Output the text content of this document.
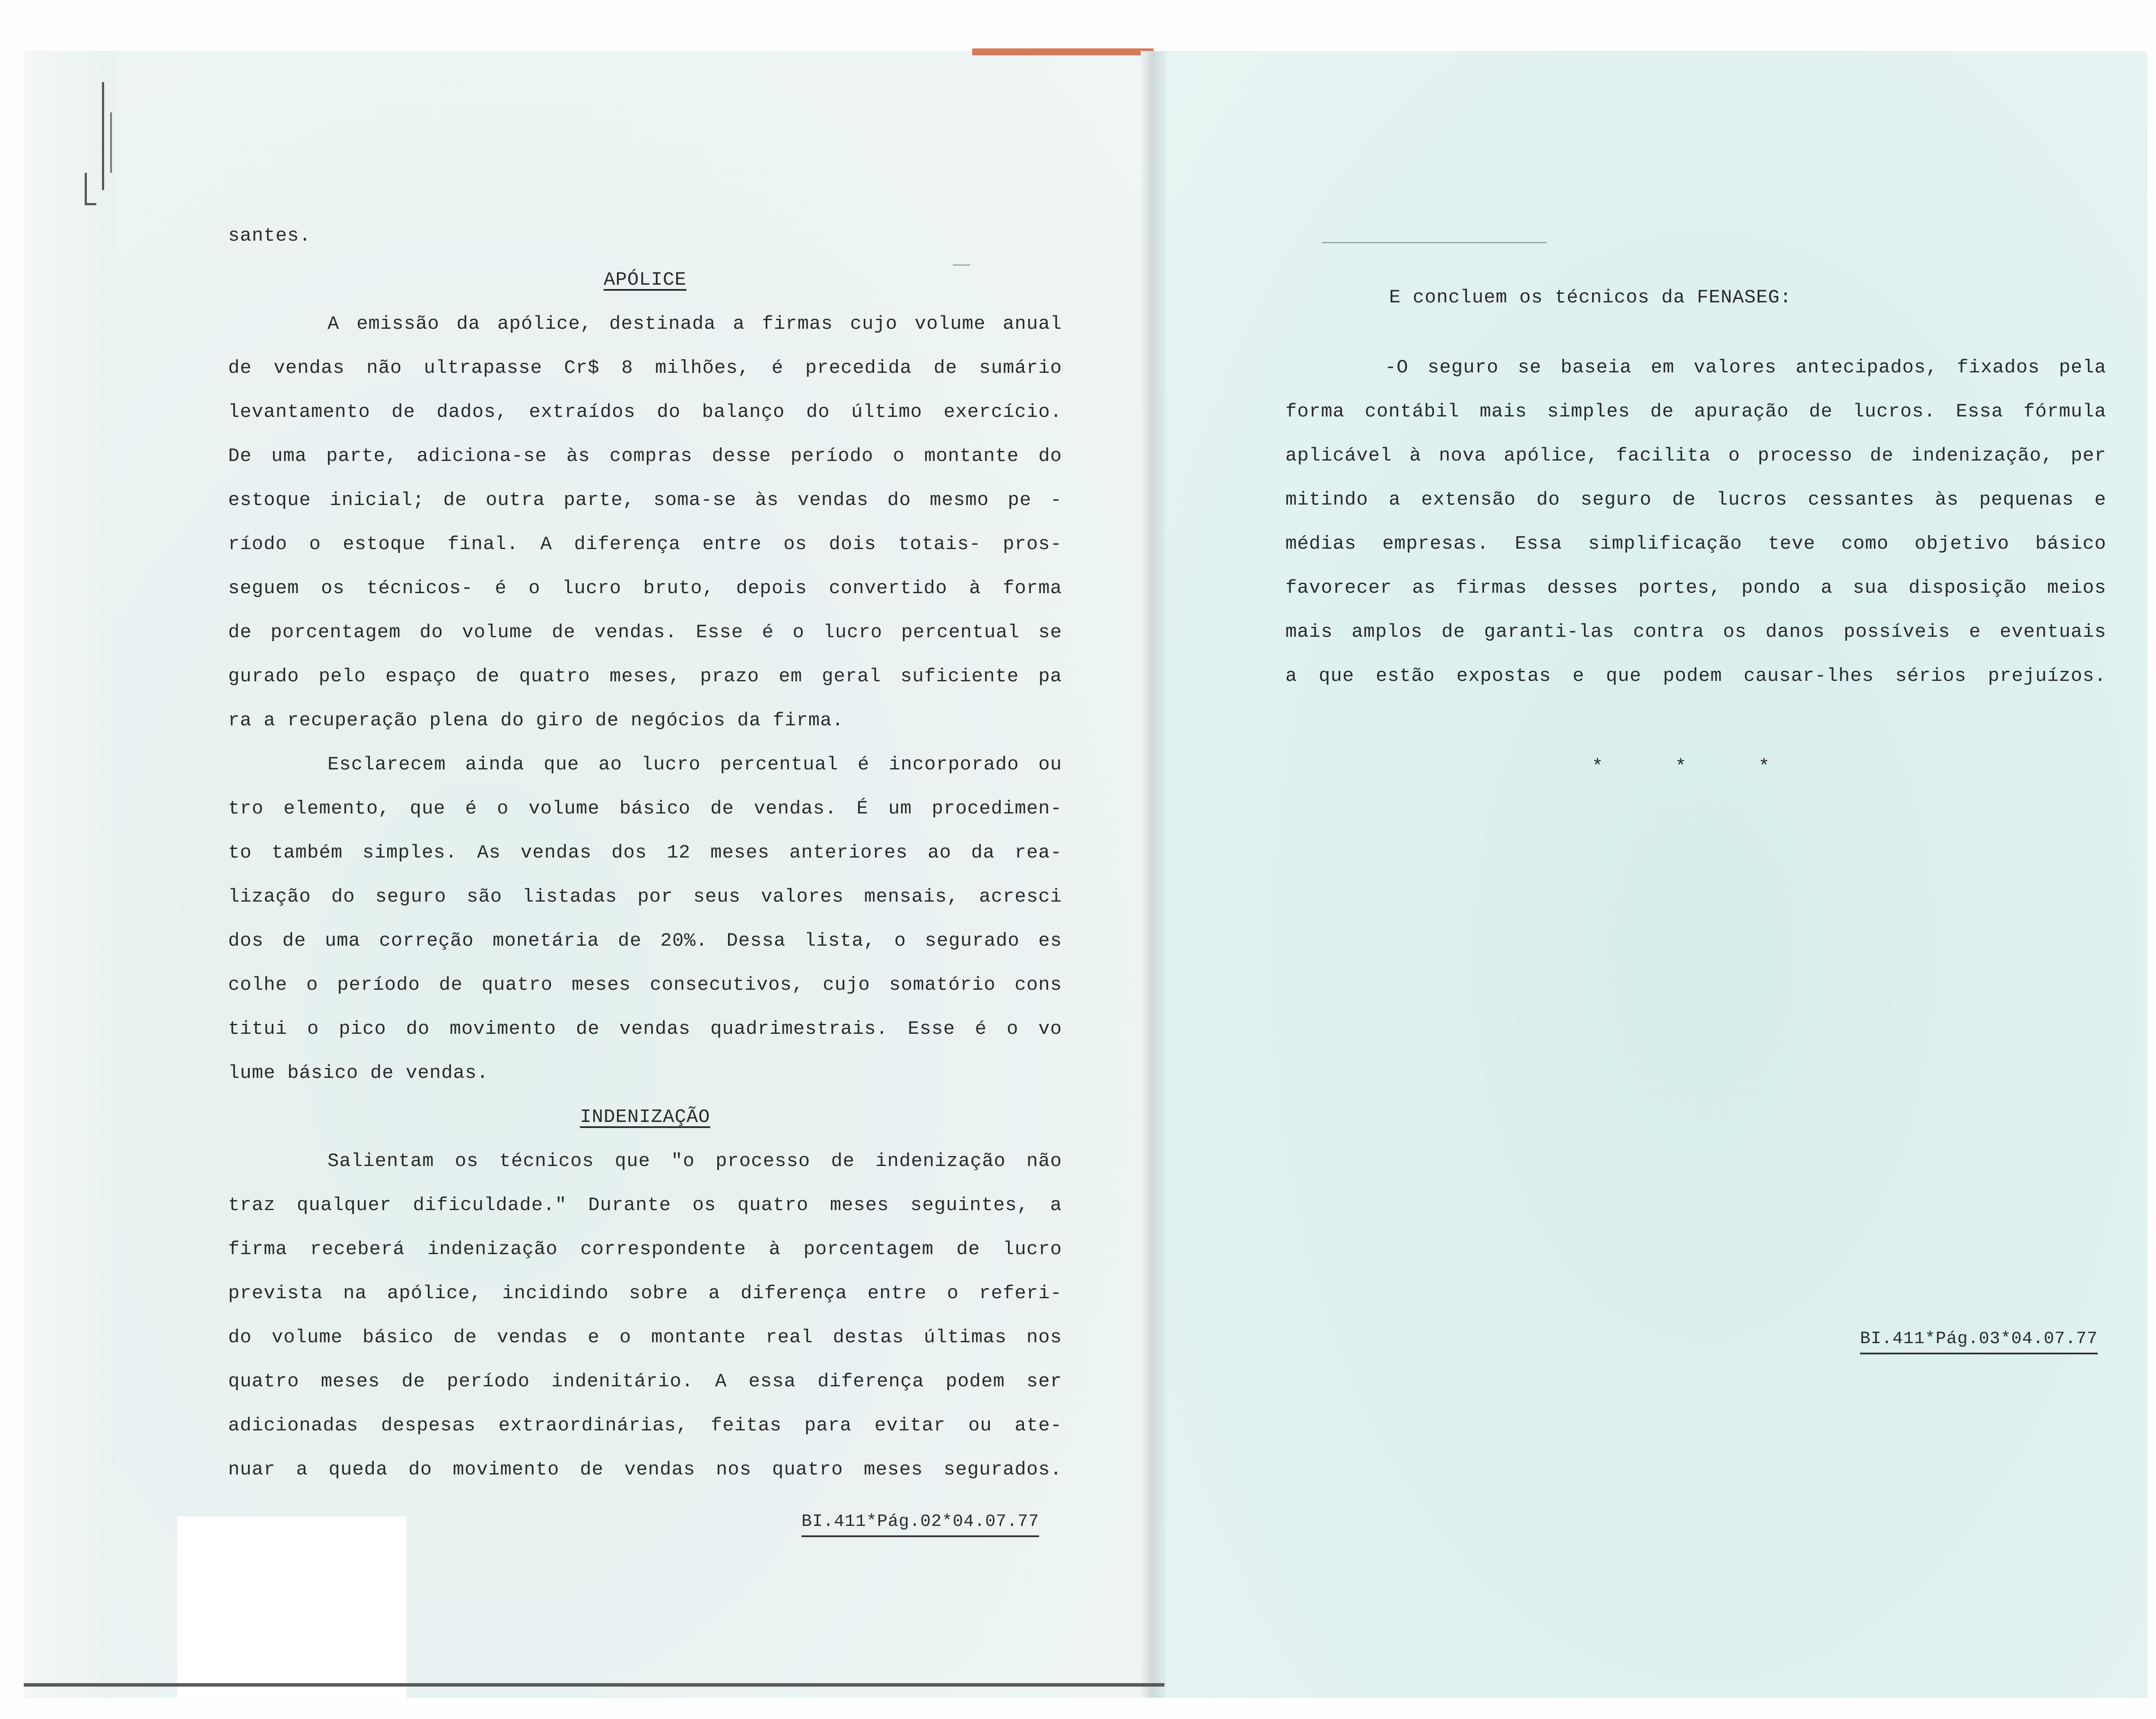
santes.
APÓLICE
A emissão da apólice, destinada a firmas cujo volume anual
de vendas não ultrapasse Cr$ 8 milhões, é precedida de sumário
levantamento de dados, extraídos do balanço do último exercício.
De uma parte, adiciona-se às compras desse período o montante do
estoque inicial; de outra parte, soma-se às vendas do mesmo pe -
ríodo o estoque final. A diferença entre os dois totais- pros-
seguem os técnicos- é o lucro bruto, depois convertido à forma
de porcentagem do volume de vendas. Esse é o lucro percentual se
gurado pelo espaço de quatro meses, prazo em geral suficiente pa
ra a recuperação plena do giro de negócios da firma.
Esclarecem ainda que ao lucro percentual é incorporado ou
tro elemento, que é o volume básico de vendas. É um procedimen-
to também simples. As vendas dos 12 meses anteriores ao da rea-
lização do seguro são listadas por seus valores mensais, acresci
dos de uma correção monetária de 20%. Dessa lista, o segurado es
colhe o período de quatro meses consecutivos, cujo somatório cons
titui o pico do movimento de vendas quadrimestrais. Esse é o vo
lume básico de vendas.
INDENIZAÇÃO
Salientam os técnicos que "o processo de indenização não
traz qualquer dificuldade." Durante os quatro meses seguintes, a
firma receberá indenização correspondente à porcentagem de lucro
prevista na apólice, incidindo sobre a diferença entre o referi-
do volume básico de vendas e o montante real destas últimas nos
quatro meses de período indenitário. A essa diferença podem ser
adicionadas despesas extraordinárias, feitas para evitar ou ate-
nuar a queda do movimento de vendas nos quatro meses segurados.
BI.411*Pág.02*04.07.77
E concluem os técnicos da FENASEG:
-O seguro se baseia em valores antecipados, fixados pela
forma contábil mais simples de apuração de lucros. Essa fórmula
aplicável à nova apólice, facilita o processo de indenização, per
mitindo a extensão do seguro de lucros cessantes às pequenas e
médias empresas. Essa simplificação teve como objetivo básico
favorecer as firmas desses portes, pondo a sua disposição meios
mais amplos de garanti-las contra os danos possíveis e eventuais
a que estão expostas e que podem causar-lhes sérios prejuízos.
* * *
BI.411*Pág.03*04.07.77
